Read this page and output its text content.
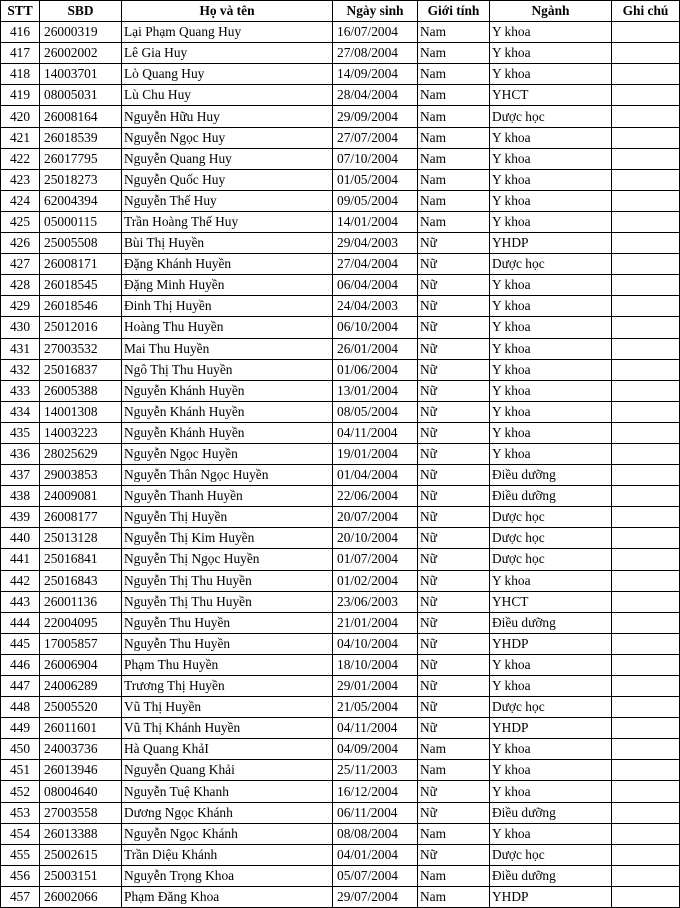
STT	SBD	Họ và tên	Ngày sinh	Giới tính	Ngành	Ghi chú
416	26000319	Lại Phạm Quang Huy	16/07/2004	Nam	Y khoa	
417	26002002	Lê Gia Huy	27/08/2004	Nam	Y khoa	
418	14003701	Lò Quang Huy	14/09/2004	Nam	Y khoa	
419	08005031	Lù Chu Huy	28/04/2004	Nam	YHCT	
420	26008164	Nguyễn Hữu Huy	29/09/2004	Nam	Dược học	
421	26018539	Nguyễn Ngọc Huy	27/07/2004	Nam	Y khoa	
422	26017795	Nguyễn Quang Huy	07/10/2004	Nam	Y khoa	
423	25018273	Nguyễn Quốc Huy	01/05/2004	Nam	Y khoa	
424	62004394	Nguyễn Thế Huy	09/05/2004	Nam	Y khoa	
425	05000115	Trần Hoàng Thế Huy	14/01/2004	Nam	Y khoa	
426	25005508	Bùi Thị Huyền	29/04/2003	Nữ	YHDP	
427	26008171	Đặng Khánh Huyền	27/04/2004	Nữ	Dược học	
428	26018545	Đặng Minh Huyền	06/04/2004	Nữ	Y khoa	
429	26018546	Đinh Thị Huyền	24/04/2003	Nữ	Y khoa	
430	25012016	Hoàng Thu Huyền	06/10/2004	Nữ	Y khoa	
431	27003532	Mai Thu Huyền	26/01/2004	Nữ	Y khoa	
432	25016837	Ngô Thị Thu Huyền	01/06/2004	Nữ	Y khoa	
433	26005388	Nguyễn Khánh Huyền	13/01/2004	Nữ	Y khoa	
434	14001308	Nguyễn Khánh Huyền	08/05/2004	Nữ	Y khoa	
435	14003223	Nguyễn Khánh Huyền	04/11/2004	Nữ	Y khoa	
436	28025629	Nguyễn Ngọc Huyền	19/01/2004	Nữ	Y khoa	
437	29003853	Nguyễn Thân Ngọc Huyền	01/04/2004	Nữ	Điều dưỡng	
438	24009081	Nguyễn Thanh Huyền	22/06/2004	Nữ	Điều dưỡng	
439	26008177	Nguyễn Thị Huyền	20/07/2004	Nữ	Dược học	
440	25013128	Nguyễn Thị Kim Huyền	20/10/2004	Nữ	Dược học	
441	25016841	Nguyễn Thị Ngọc Huyền	01/07/2004	Nữ	Dược học	
442	25016843	Nguyễn Thị Thu Huyền	01/02/2004	Nữ	Y khoa	
443	26001136	Nguyễn Thị Thu Huyền	23/06/2003	Nữ	YHCT	
444	22004095	Nguyễn Thu Huyền	21/01/2004	Nữ	Điều dưỡng	
445	17005857	Nguyễn Thu Huyền	04/10/2004	Nữ	YHDP	
446	26006904	Phạm Thu Huyền	18/10/2004	Nữ	Y khoa	
447	24006289	Trương Thị Huyền	29/01/2004	Nữ	Y khoa	
448	25005520	Vũ Thị Huyền	21/05/2004	Nữ	Dược học	
449	26011601	Vũ Thị Khánh Huyền	04/11/2004	Nữ	YHDP	
450	24003736	Hà Quang KhảI	04/09/2004	Nam	Y khoa	
451	26013946	Nguyễn Quang Khải	25/11/2003	Nam	Y khoa	
452	08004640	Nguyễn Tuệ Khanh	16/12/2004	Nữ	Y khoa	
453	27003558	Dương Ngọc Khánh	06/11/2004	Nữ	Điều dưỡng	
454	26013388	Nguyễn Ngọc Khánh	08/08/2004	Nam	Y khoa	
455	25002615	Trần Diệu Khánh	04/01/2004	Nữ	Dược học	
456	25003151	Nguyễn Trọng Khoa	05/07/2004	Nam	Điều dưỡng	
457	26002066	Phạm Đăng Khoa	29/07/2004	Nam	YHDP	
